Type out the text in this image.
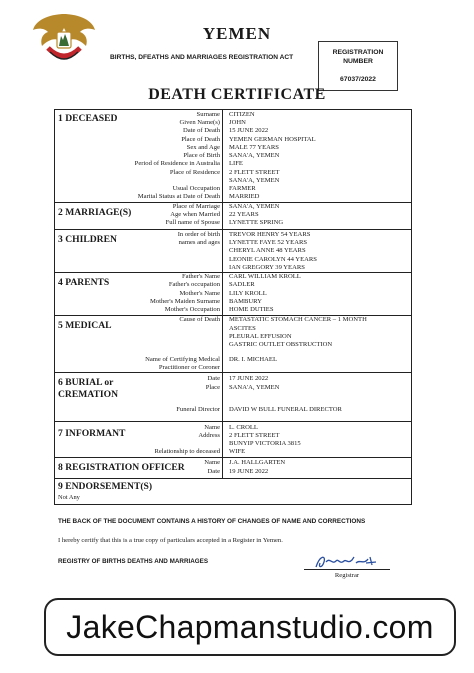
YEMEN
BIRTHS, DFEATHS AND MARRIAGES REGISTRATION ACT
REGISTRATION
NUMBER
67037/2022
DEATH CERTIFICATE
1 DECEASED	Surname CITIZEN
Given Name(s) JOHN
Date of Death 15 JUNE 2022
Place of Death YEMEN GERMAN HOSPITAL
Sex and Age MALE 77 YEARS
Place of Birth SANA'A, YEMEN
Period of Residence in Australia LIFE
Place of Residence 2 FLETT STREET
SANA'A, YEMEN
Usual Occupation FARMER
Marital Status at Date of Death MARRIED
2 MARRIAGE(S)
Place of Marriage SANA'A, YEMEN
Age when Married 22 YEARS
Full name of Spouse LYNETTE SPRING
3 CHILDREN	In order of birth
names and ages
TREVOR HENRY 54 YEARS
LYNETTE FAYE 52 YEARS
CHERYL ANNE 48 YEARS
LEONIE CAROLYN 44 YEARS
IAN GREGORY 39 YEARS
4 PARENTS
Father's Name CARL WILLIAM KROLL
Father's occupation SADLER
Mother's Name LILY KROLL
Mother's Maiden Surname BAMBURY
Mother's Occupation HOME DUTIES
5 MEDICAL
Cause of Death METASTATIC STOMACH CANCER – 1 MONTH
ASCITES
PLEURAL EFFUSION
GASTRIC OUTLET OBSTRUCTION
Name of Certifying Medical
Practitioner or Coroner
DR. I. MICHAEL
6 BURIAL or
CREMATION
Date 17 JUNE 2022
Place SANA'A, YEMEN
Funeral Director DAVID W BULL FUNERAL DIRECTOR
7 INFORMANT
Name L. CROLL
Address 2 FLETT STREET
BUNYIP VICTORIA 3815
Relationship to deceased WIFE
8 REGISTRATION OFFICER	Name J.A. HALLGARTEN
Date 19 JUNE 2022
9 ENDORSEMENT(S)
Not Any
THE BACK OF THE DOCUMENT CONTAINS A HISTORY OF CHANGES OF NAME AND CORRECTIONS
I hereby certify that this is a true copy of particulars accepted in a Register in Yemen.
REGISTRY OF BIRTHS DEATHS AND MARRIAGES
Registrar
JakeChapmanstudio.com
